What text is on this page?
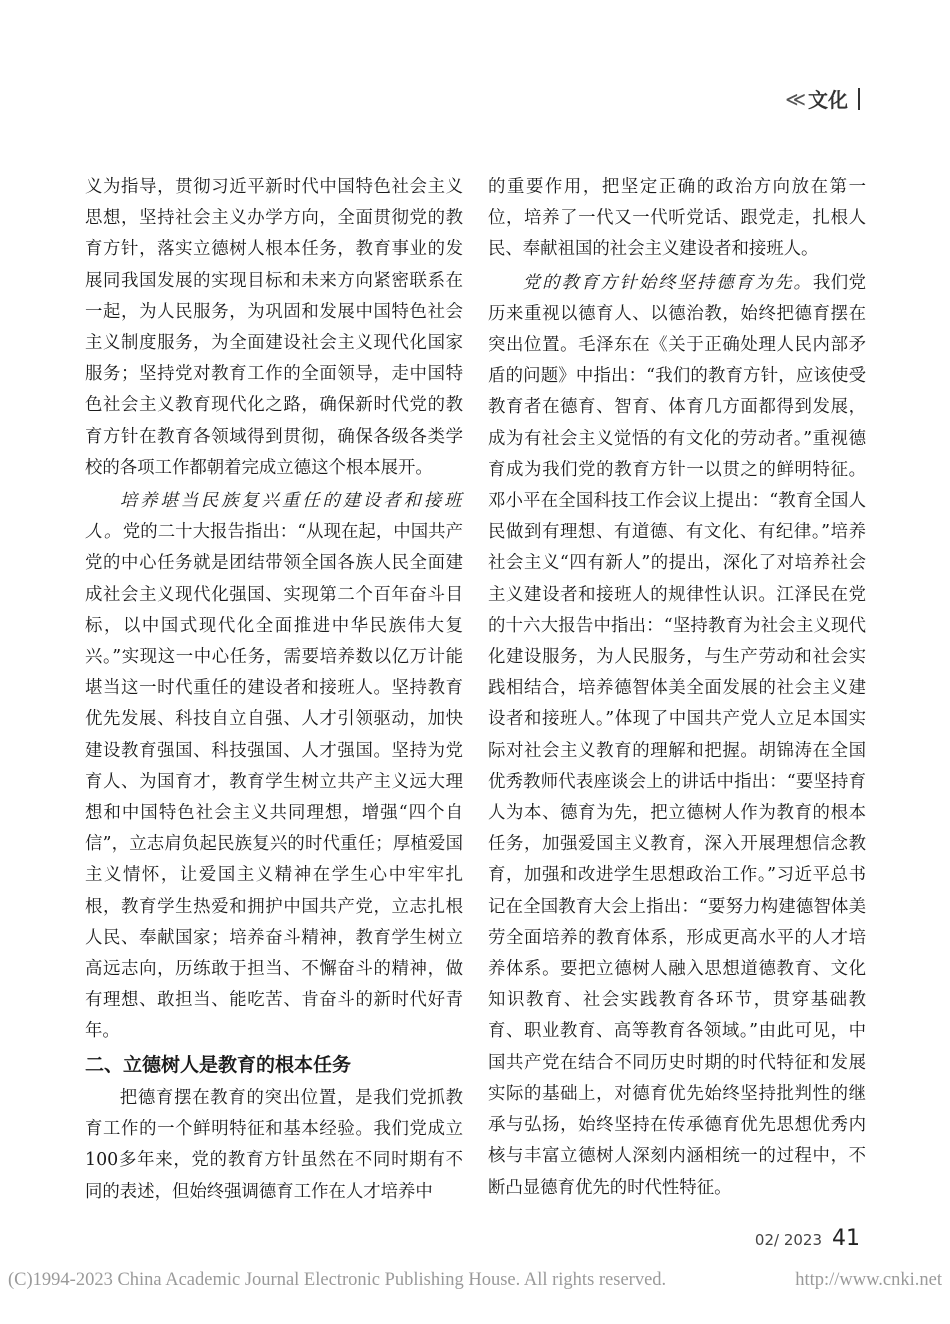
≪ 文化

义为指导，贯彻习近平新时代中国特色社会主义思想，坚持社会主义办学方向，全面贯彻党的教育方针，落实立德树人根本任务，教育事业的发展同我国发展的实现目标和未来方向紧密联系在一起，为人民服务，为巩固和发展中国特色社会主义制度服务，为全面建设社会主义现代化国家服务；坚持党对教育工作的全面领导，走中国特色社会主义教育现代化之路，确保新时代党的教育方针在教育各领域得到贯彻，确保各级各类学校的各项工作都朝着完成立德这个根本展开。

培养堪当民族复兴重任的建设者和接班人。党的二十大报告指出：“从现在起，中国共产党的中心任务就是团结带领全国各族人民全面建成社会主义现代化强国、实现第二个百年奋斗目标，以中国式现代化全面推进中华民族伟大复兴。”实现这一中心任务，需要培养数以亿万计能堪当这一时代重任的建设者和接班人。坚持教育优先发展、科技自立自强、人才引领驱动，加快建设教育强国、科技强国、人才强国。坚持为党育人、为国育才，教育学生树立共产主义远大理想和中国特色社会主义共同理想，增强“四个自信”，立志肩负起民族复兴的时代重任；厚植爱国主义情怀，让爱国主义精神在学生心中牢牢扎根，教育学生热爱和拥护中国共产党，立志扎根人民、奉献国家；培养奋斗精神，教育学生树立高远志向，历练敢于担当、不懈奋斗的精神，做有理想、敢担当、能吃苦、肯奋斗的新时代好青年。

二、立德树人是教育的根本任务

把德育摆在教育的突出位置，是我们党抓教育工作的一个鲜明特征和基本经验。我们党成立100多年来，党的教育方针虽然在不同时期有不同的表述，但始终强调德育工作在人才培养中

的重要作用，把坚定正确的政治方向放在第一位，培养了一代又一代听党话、跟党走，扎根人民、奉献祖国的社会主义建设者和接班人。

党的教育方针始终坚持德育为先。我们党历来重视以德育人、以德治教，始终把德育摆在突出位置。毛泽东在《关于正确处理人民内部矛盾的问题》中指出：“我们的教育方针，应该使受教育者在德育、智育、体育几方面都得到发展，成为有社会主义觉悟的有文化的劳动者。”重视德育成为我们党的教育方针一以贯之的鲜明特征。邓小平在全国科技工作会议上提出：“教育全国人民做到有理想、有道德、有文化、有纪律。”培养社会主义“四有新人”的提出，深化了对培养社会主义建设者和接班人的规律性认识。江泽民在党的十六大报告中指出：“坚持教育为社会主义现代化建设服务，为人民服务，与生产劳动和社会实践相结合，培养德智体美全面发展的社会主义建设者和接班人。”体现了中国共产党人立足本国实际对社会主义教育的理解和把握。胡锦涛在全国优秀教师代表座谈会上的讲话中指出：“要坚持育人为本、德育为先，把立德树人作为教育的根本任务，加强爱国主义教育，深入开展理想信念教育，加强和改进学生思想政治工作。”习近平总书记在全国教育大会上指出：“要努力构建德智体美劳全面培养的教育体系，形成更高水平的人才培养体系。要把立德树人融入思想道德教育、文化知识教育、社会实践教育各环节，贯穿基础教育、职业教育、高等教育各领域。”由此可见，中国共产党在结合不同历史时期的时代特征和发展实际的基础上，对德育优先始终坚持批判性的继承与弘扬，始终坚持在传承德育优先思想优秀内核与丰富立德树人深刻内涵相统一的过程中，不断凸显德育优先的时代性特征。

02/ 2023 41
(C)1994-2023 China Academic Journal Electronic Publishing House. All rights reserved.	http://www.cnki.net
